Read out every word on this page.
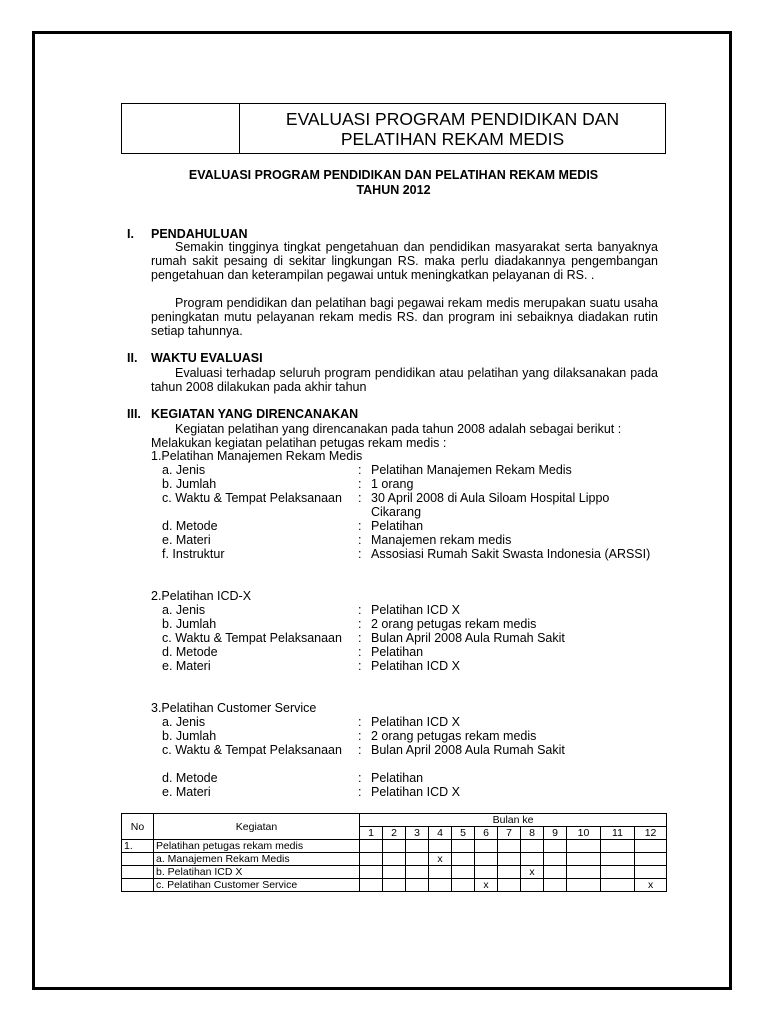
EVALUASI PROGRAM PENDIDIKAN DAN
PELATIHAN REKAM MEDIS
EVALUASI PROGRAM PENDIDIKAN DAN PELATIHAN REKAM MEDIS
TAHUN 2012
I. PENDAHULUAN

Semakin tingginya tingkat pengetahuan dan pendidikan masyarakat serta banyaknya rumah sakit pesaing di sekitar lingkungan RS. maka perlu diadakannya pengembangan pengetahuan dan keterampilan pegawai untuk meningkatkan pelayanan di RS. .

Program pendidikan dan pelatihan bagi pegawai rekam medis merupakan suatu usaha peningkatan mutu pelayanan rekam medis RS. dan program ini sebaiknya diadakan rutin setiap tahunnya.

II. WAKTU EVALUASI

Evaluasi terhadap seluruh program pendidikan atau pelatihan yang dilaksanakan pada tahun 2008 dilakukan pada akhir tahun

III. KEGIATAN YANG DIRENCANAKAN
Kegiatan pelatihan yang direncanakan pada tahun 2008 adalah sebagai berikut :
Melakukan kegiatan pelatihan petugas rekam medis :
1.Pelatihan Manajemen Rekam Medis
a. Jenis	: Pelatihan Manajemen Rekam Medis
b. Jumlah	: 1 orang
c. Waktu & Tempat Pelaksanaan : 30 April 2008 di Aula Siloam Hospital Lippo Cikarang
d. Metode	: Pelatihan
e. Materi	: Manajemen rekam medis
f. Instruktur	: Assosiasi Rumah Sakit Swasta Indonesia (ARSSI)
2.Pelatihan ICD-X
a. Jenis	: Pelatihan ICD X
b. Jumlah	: 2 orang petugas rekam medis
c. Waktu & Tempat Pelaksanaan : Bulan April 2008 Aula Rumah Sakit
d. Metode	: Pelatihan
e. Materi	: Pelatihan ICD X
3.Pelatihan Customer Service
a. Jenis	: Pelatihan ICD X
b. Jumlah	: 2 orang petugas rekam medis
c. Waktu & Tempat Pelaksanaan : Bulan April 2008 Aula Rumah Sakit
d. Metode	: Pelatihan
e. Materi	: Pelatihan ICD X
No	Kegiatan	Bulan ke											
		1	2	3	4	5	6	7	8	9	10	11	12
1.	Pelatihan petugas rekam medis												
	a. Manajemen Rekam Medis				x								
	b. Pelatihan ICD X								x				
	c. Pelatihan Customer Service						x						x
